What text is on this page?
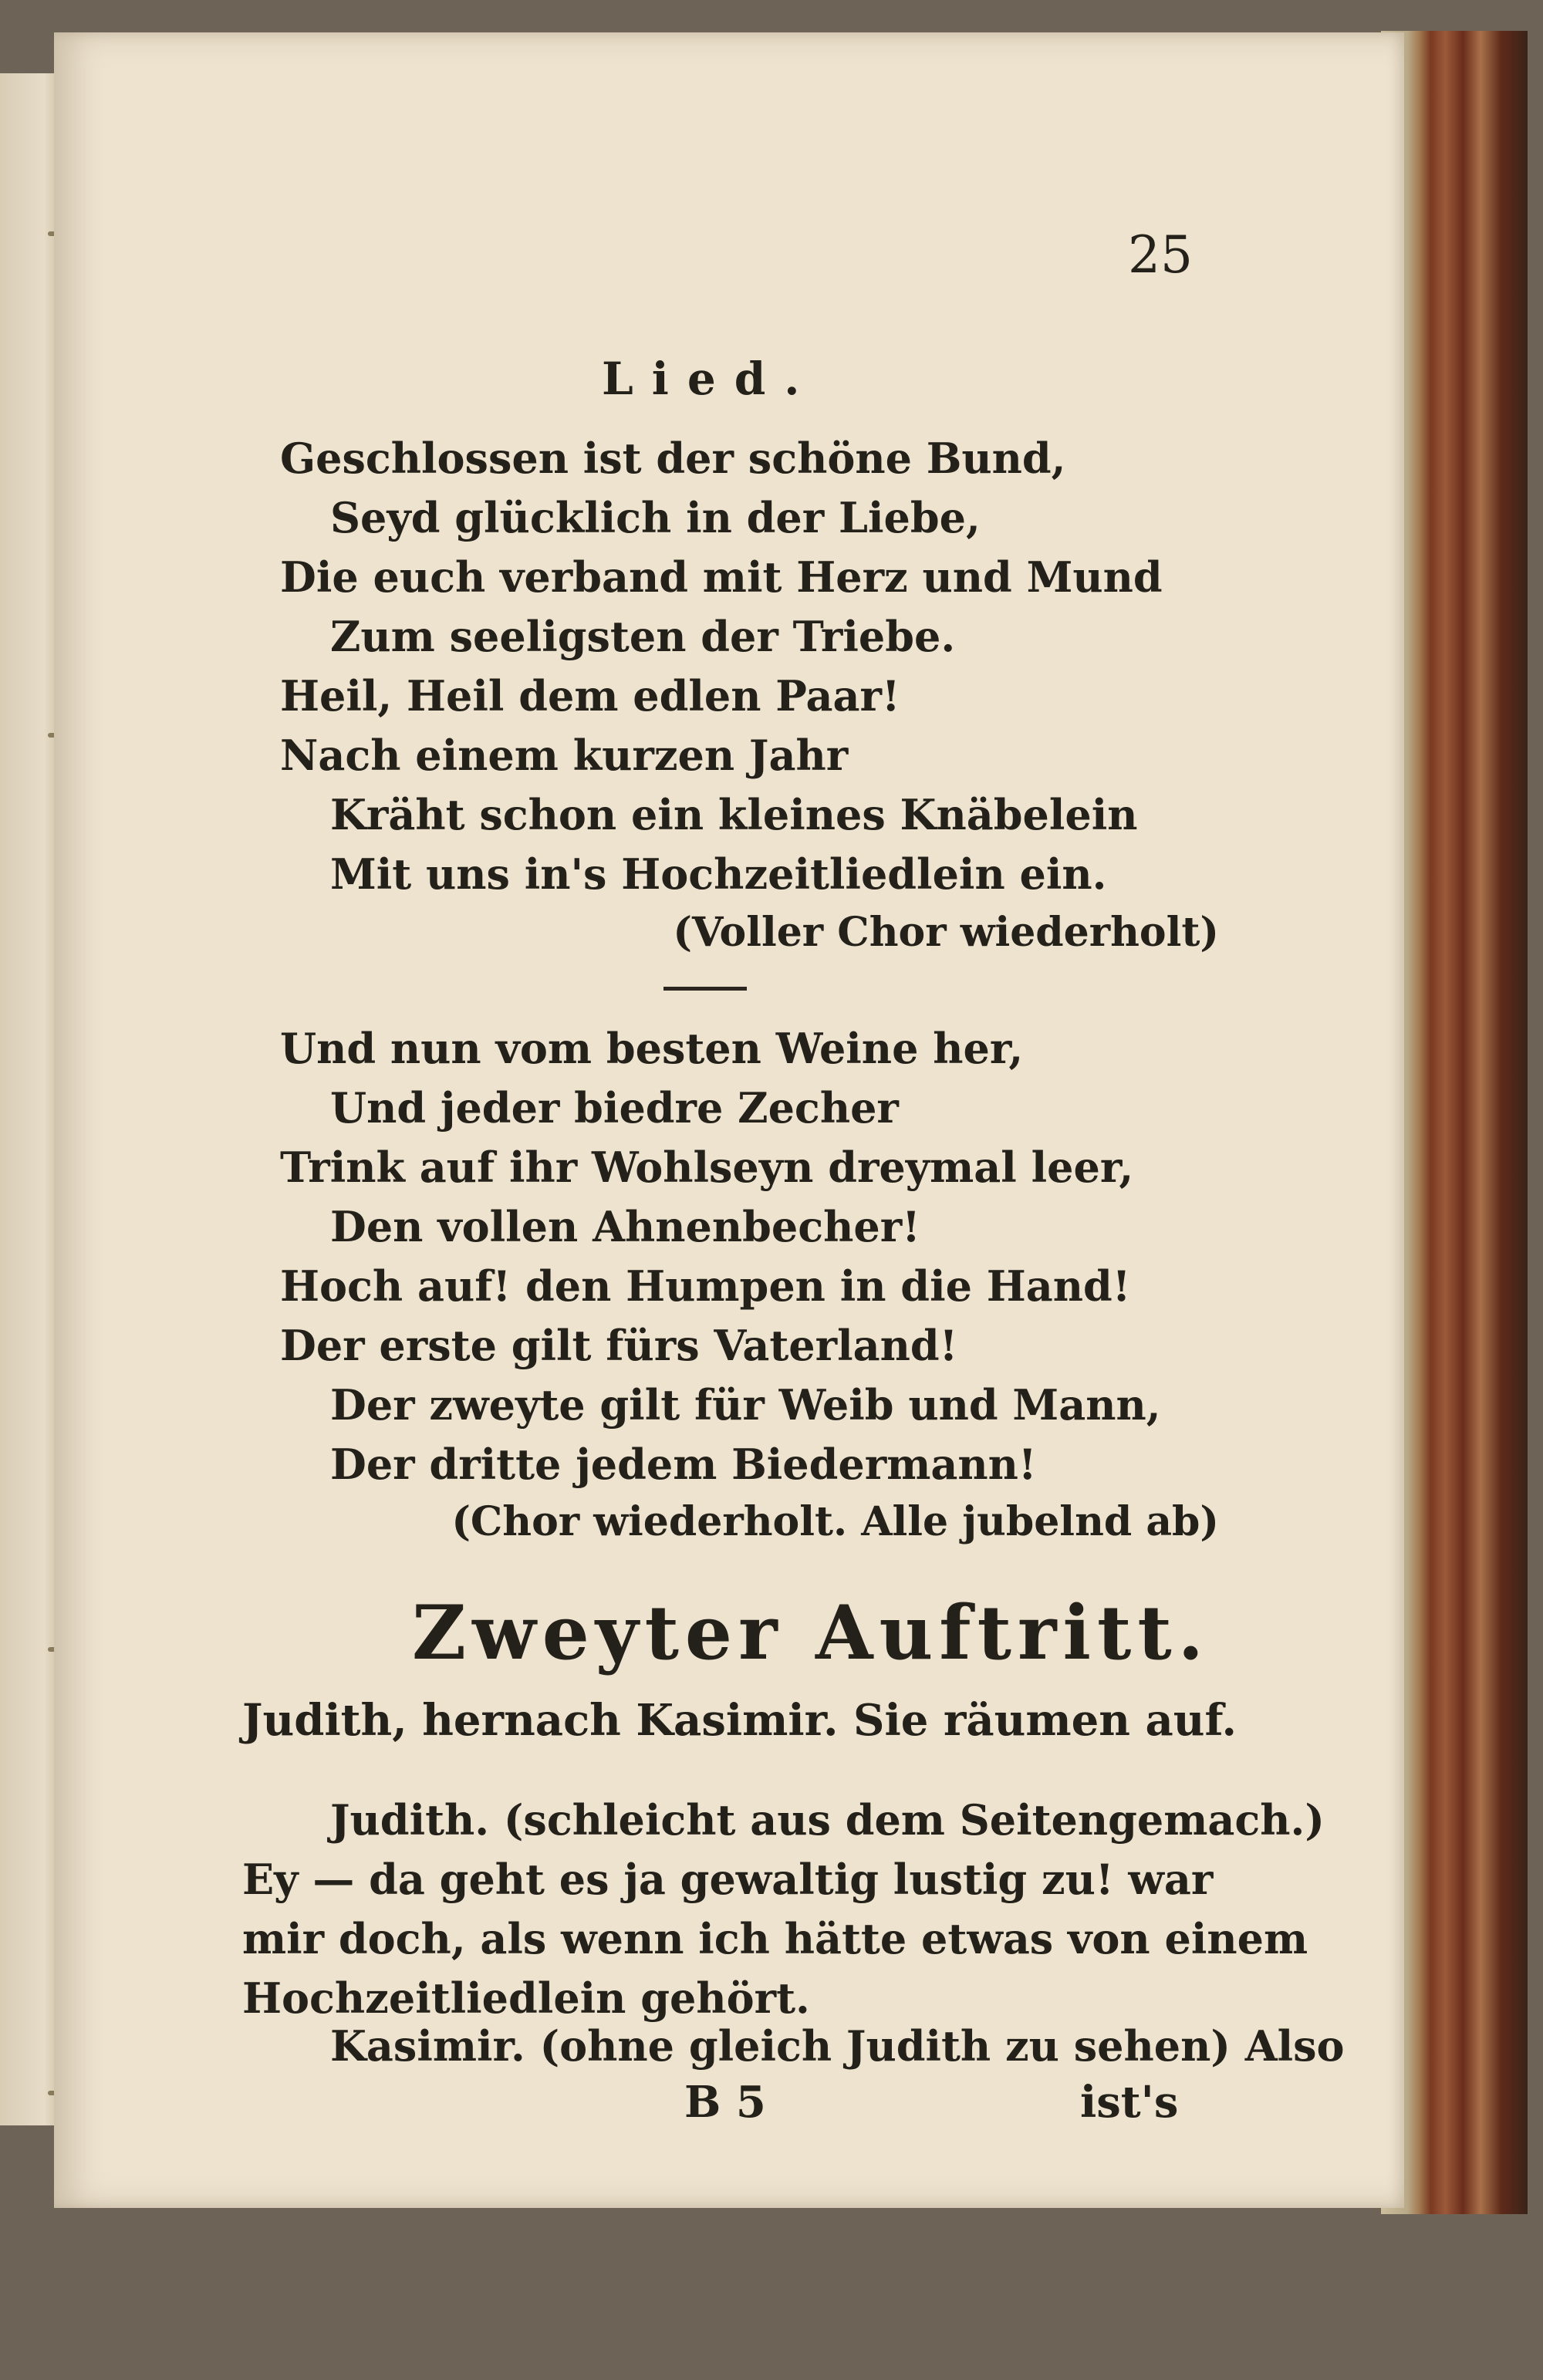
25
Lied.
Geschlossen ist der schöne Bund,
Seyd glücklich in der Liebe,
Die euch verband mit Herz und Mund
Zum seeligsten der Triebe.
Heil, Heil dem edlen Paar!
Nach einem kurzen Jahr
Kräht schon ein kleines Knäbelein
Mit uns in's Hochzeitliedlein ein.
(Voller Chor wiederholt)
Und nun vom besten Weine her,
Und jeder biedre Zecher
Trink auf ihr Wohlseyn dreymal leer,
Den vollen Ahnenbecher!
Hoch auf! den Humpen in die Hand!
Der erste gilt fürs Vaterland!
Der zweyte gilt für Weib und Mann,
Der dritte jedem Biedermann!
(Chor wiederholt. Alle jubelnd ab)
Zweyter Auftritt.
Judith, hernach Kasimir. Sie räumen auf.
Judith. (schleicht aus dem Seitengemach.)
Ey — da geht es ja gewaltig lustig zu! war
mir doch, als wenn ich hätte etwas von einem
Hochzeitliedlein gehört.
Kasimir. (ohne gleich Judith zu sehen) Also
B 5	ist's
